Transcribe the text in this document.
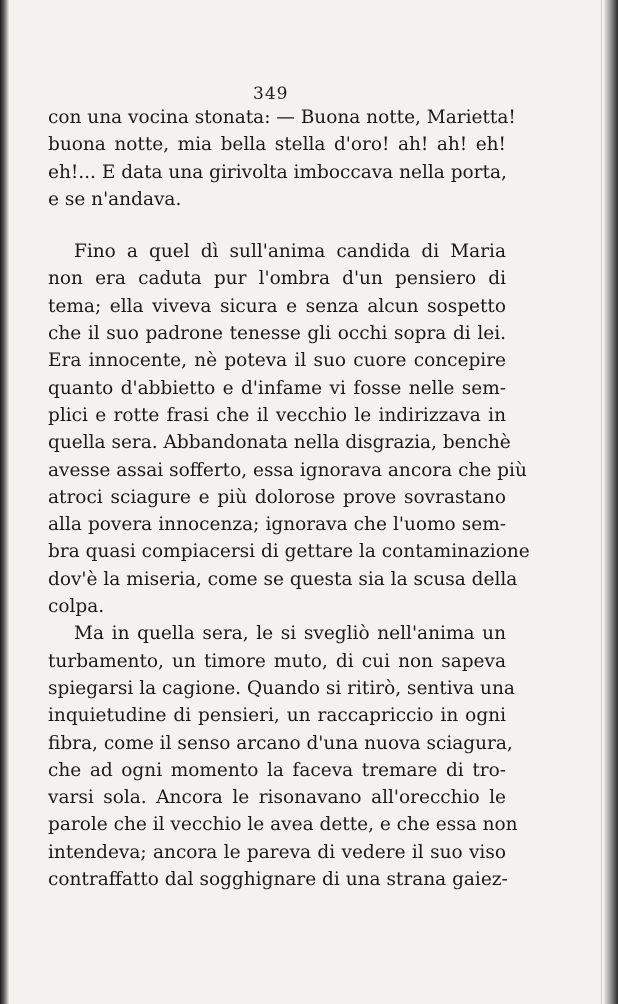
349
con una vocina stonata: — Buona notte, Marietta!
buona notte, mia bella stella d'oro! ah! ah! eh!
eh!... E data una girivolta imboccava nella porta,
e se n'andava.
Fino a quel dì sull'anima candida di Maria
non era caduta pur l'ombra d'un pensiero di
tema; ella viveva sicura e senza alcun sospetto
che il suo padrone tenesse gli occhi sopra di lei.
Era innocente, nè poteva il suo cuore concepire
quanto d'abbietto e d'infame vi fosse nelle sem-
plici e rotte frasi che il vecchio le indirizzava in
quella sera. Abbandonata nella disgrazia, benchè
avesse assai sofferto, essa ignorava ancora che più
atroci sciagure e più dolorose prove sovrastano
alla povera innocenza; ignorava che l'uomo sem-
bra quasi compiacersi di gettare la contaminazione
dov'è la miseria, come se questa sia la scusa della
colpa.
Ma in quella sera, le si svegliò nell'anima un
turbamento, un timore muto, di cui non sapeva
spiegarsi la cagione. Quando si ritirò, sentiva una
inquietudine di pensieri, un raccapriccio in ogni
fibra, come il senso arcano d'una nuova sciagura,
che ad ogni momento la faceva tremare di tro-
varsi sola. Ancora le risonavano all'orecchio le
parole che il vecchio le avea dette, e che essa non
intendeva; ancora le pareva di vedere il suo viso
contraffatto dal sogghignare di una strana gaiez-
